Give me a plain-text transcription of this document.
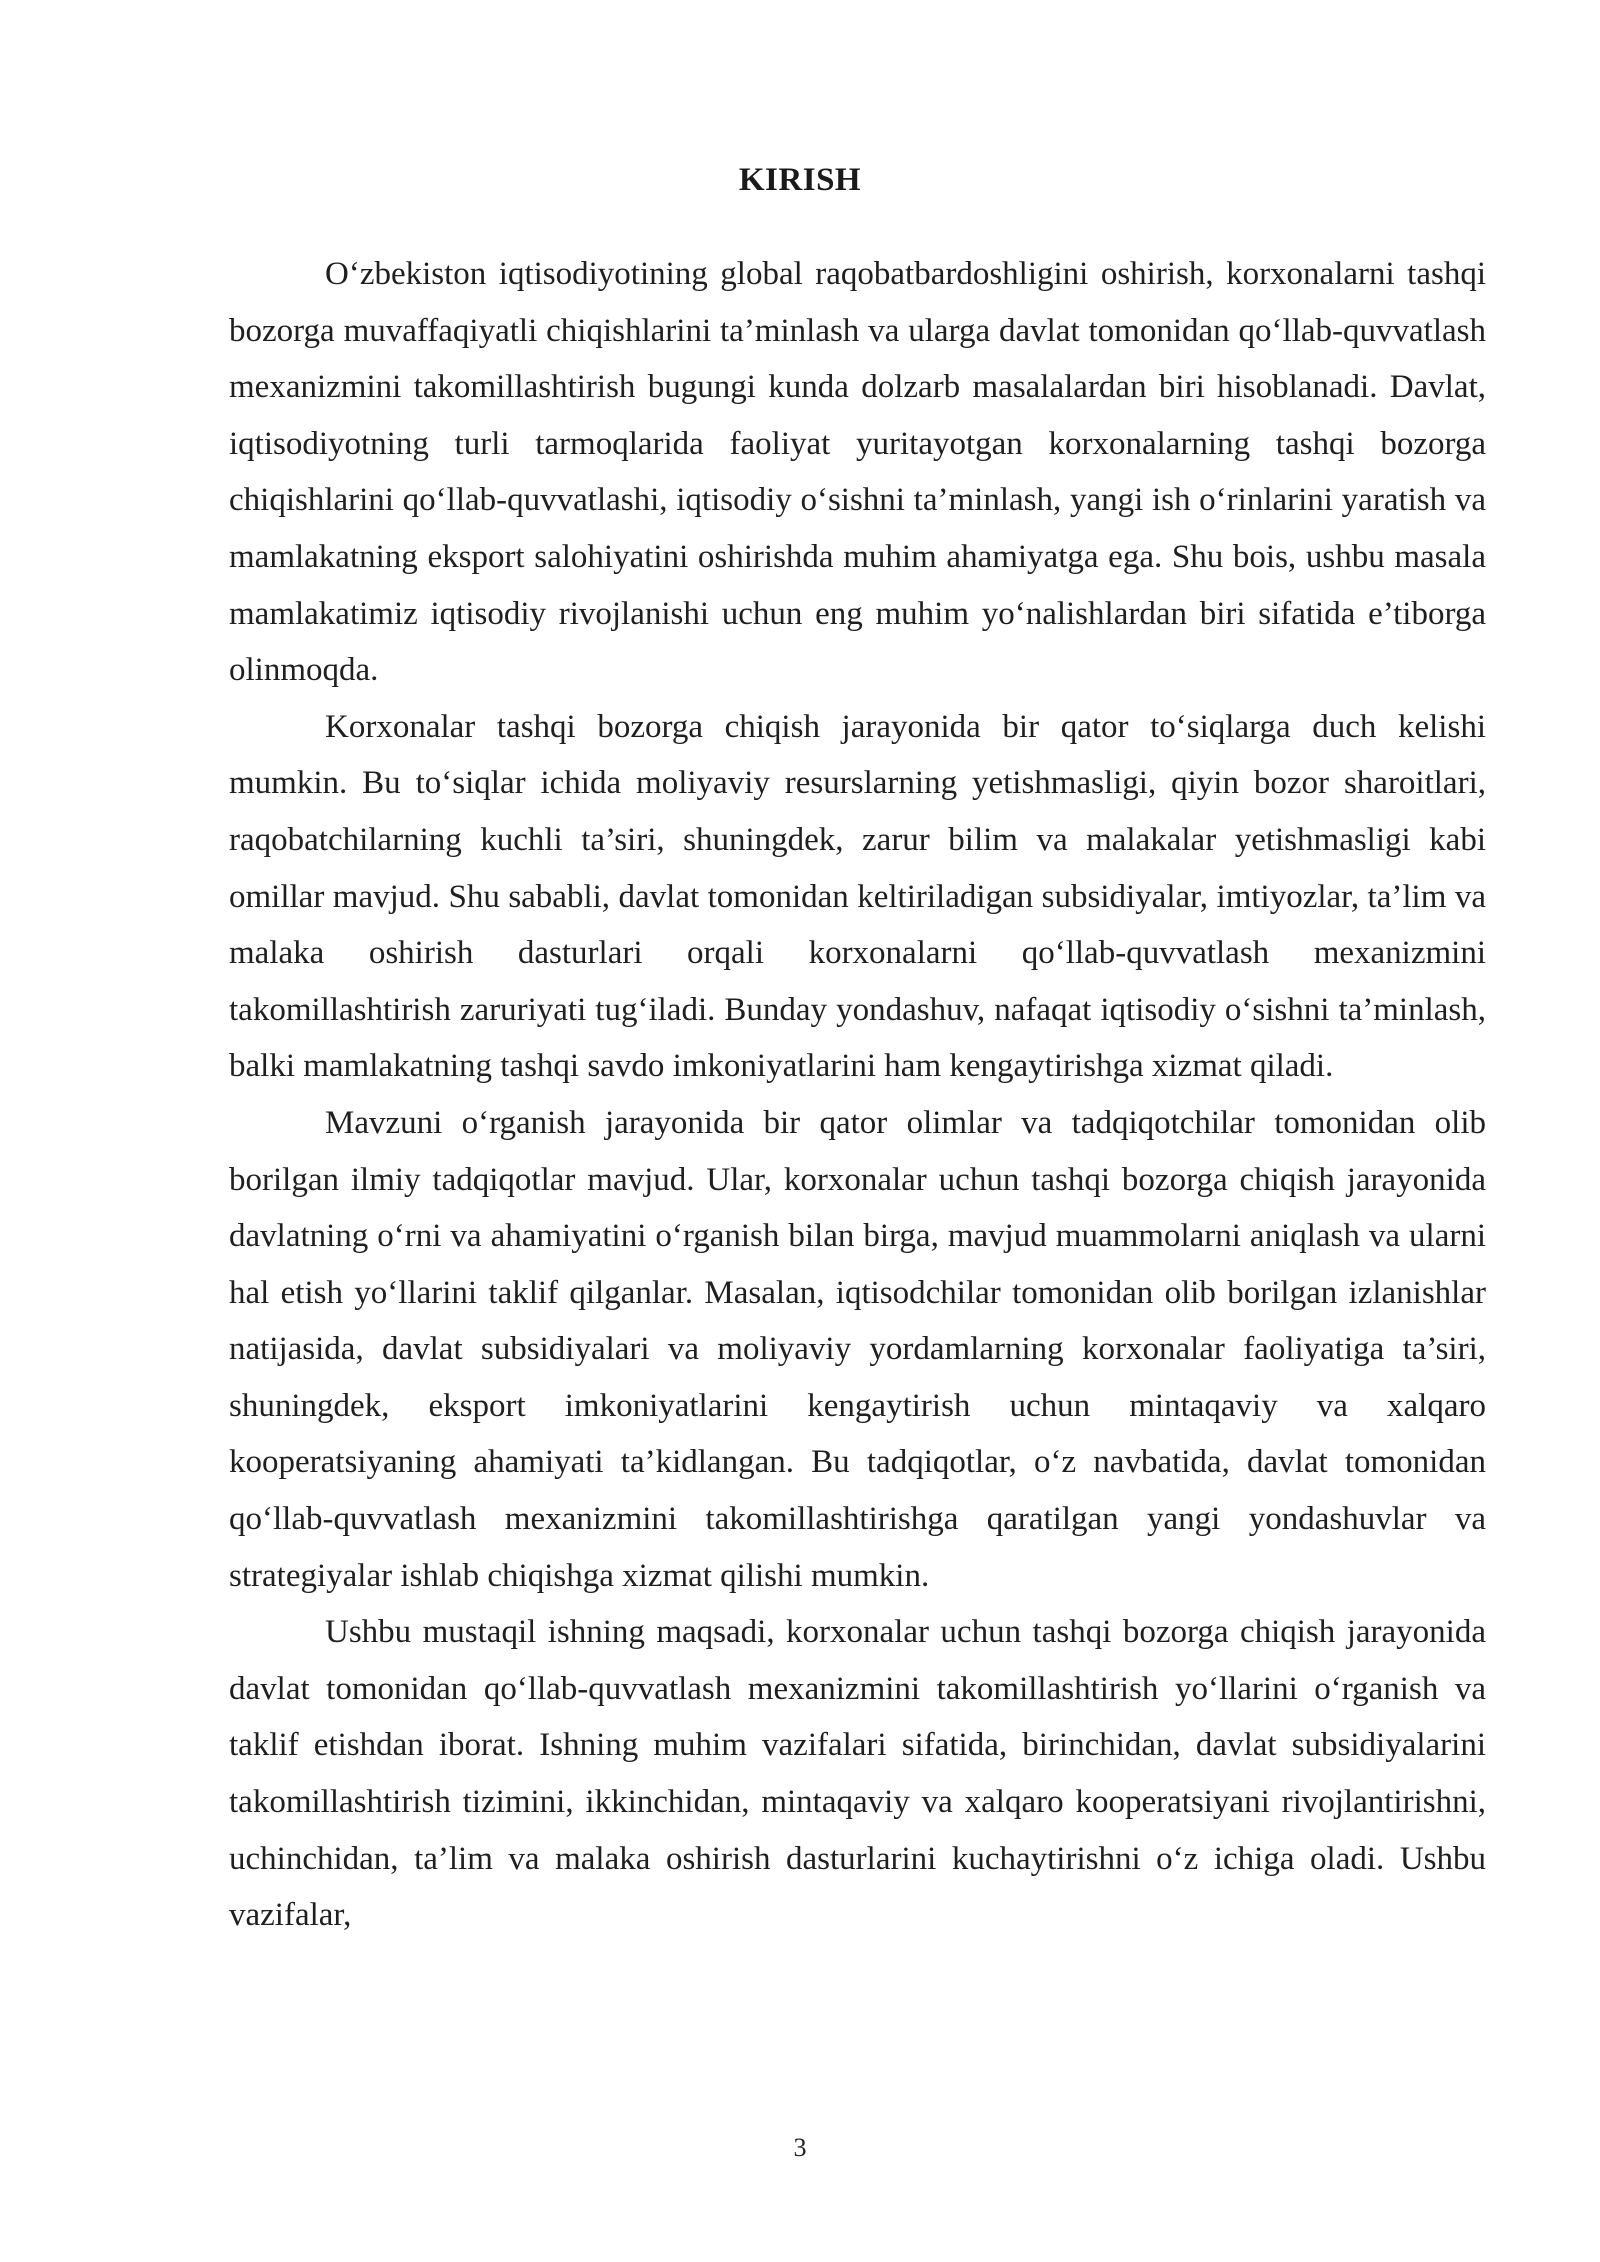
KIRISH

O‘zbekiston iqtisodiyotining global raqobatbardoshligini oshirish, korxonalarni tashqi bozorga muvaffaqiyatli chiqishlarini ta’minlash va ularga davlat tomonidan qo‘llab-quvvatlash mexanizmini takomillashtirish bugungi kunda dolzarb masalalardan biri hisoblanadi. Davlat, iqtisodiyotning turli tarmoqlarida faoliyat yuritayotgan korxonalarning tashqi bozorga chiqishlarini qo‘llab-quvvatlashi, iqtisodiy o‘sishni ta’minlash, yangi ish o‘rinlarini yaratish va mamlakatning eksport salohiyatini oshirishda muhim ahamiyatga ega. Shu bois, ushbu masala mamlakatimiz iqtisodiy rivojlanishi uchun eng muhim yo‘nalishlardan biri sifatida e’tiborga olinmoqda.

Korxonalar tashqi bozorga chiqish jarayonida bir qator to‘siqlarga duch kelishi mumkin. Bu to‘siqlar ichida moliyaviy resurslarning yetishmasligi, qiyin bozor sharoitlari, raqobatchilarning kuchli ta’siri, shuningdek, zarur bilim va malakalar yetishmasligi kabi omillar mavjud. Shu sababli, davlat tomonidan keltiriladigan subsidiyalar, imtiyozlar, ta’lim va malaka oshirish dasturlari orqali korxonalarni qo‘llab-quvvatlash mexanizmini takomillashtirish zaruriyati tug‘iladi. Bunday yondashuv, nafaqat iqtisodiy o‘sishni ta’minlash, balki mamlakatning tashqi savdo imkoniyatlarini ham kengaytirishga xizmat qiladi.

Mavzuni o‘rganish jarayonida bir qator olimlar va tadqiqotchilar tomonidan olib borilgan ilmiy tadqiqotlar mavjud. Ular, korxonalar uchun tashqi bozorga chiqish jarayonida davlatning o‘rni va ahamiyatini o‘rganish bilan birga, mavjud muammolarni aniqlash va ularni hal etish yo‘llarini taklif qilganlar. Masalan, iqtisodchilar tomonidan olib borilgan izlanishlar natijasida, davlat subsidiyalari va moliyaviy yordamlarning korxonalar faoliyatiga ta’siri, shuningdek, eksport imkoniyatlarini kengaytirish uchun mintaqaviy va xalqaro kooperatsiyaning ahamiyati ta’kidlangan. Bu tadqiqotlar, o‘z navbatida, davlat tomonidan qo‘llab-quvvatlash mexanizmini takomillashtirishga qaratilgan yangi yondashuvlar va strategiyalar ishlab chiqishga xizmat qilishi mumkin.

Ushbu mustaqil ishning maqsadi, korxonalar uchun tashqi bozorga chiqish jarayonida davlat tomonidan qo‘llab-quvvatlash mexanizmini takomillashtirish yo‘llarini o‘rganish va taklif etishdan iborat. Ishning muhim vazifalari sifatida, birinchidan, davlat subsidiyalarini takomillashtirish tizimini, ikkinchidan, mintaqaviy va xalqaro kooperatsiyani rivojlantirishni, uchinchidan, ta’lim va malaka oshirish dasturlarini kuchaytirishni o‘z ichiga oladi. Ushbu vazifalar,

3
